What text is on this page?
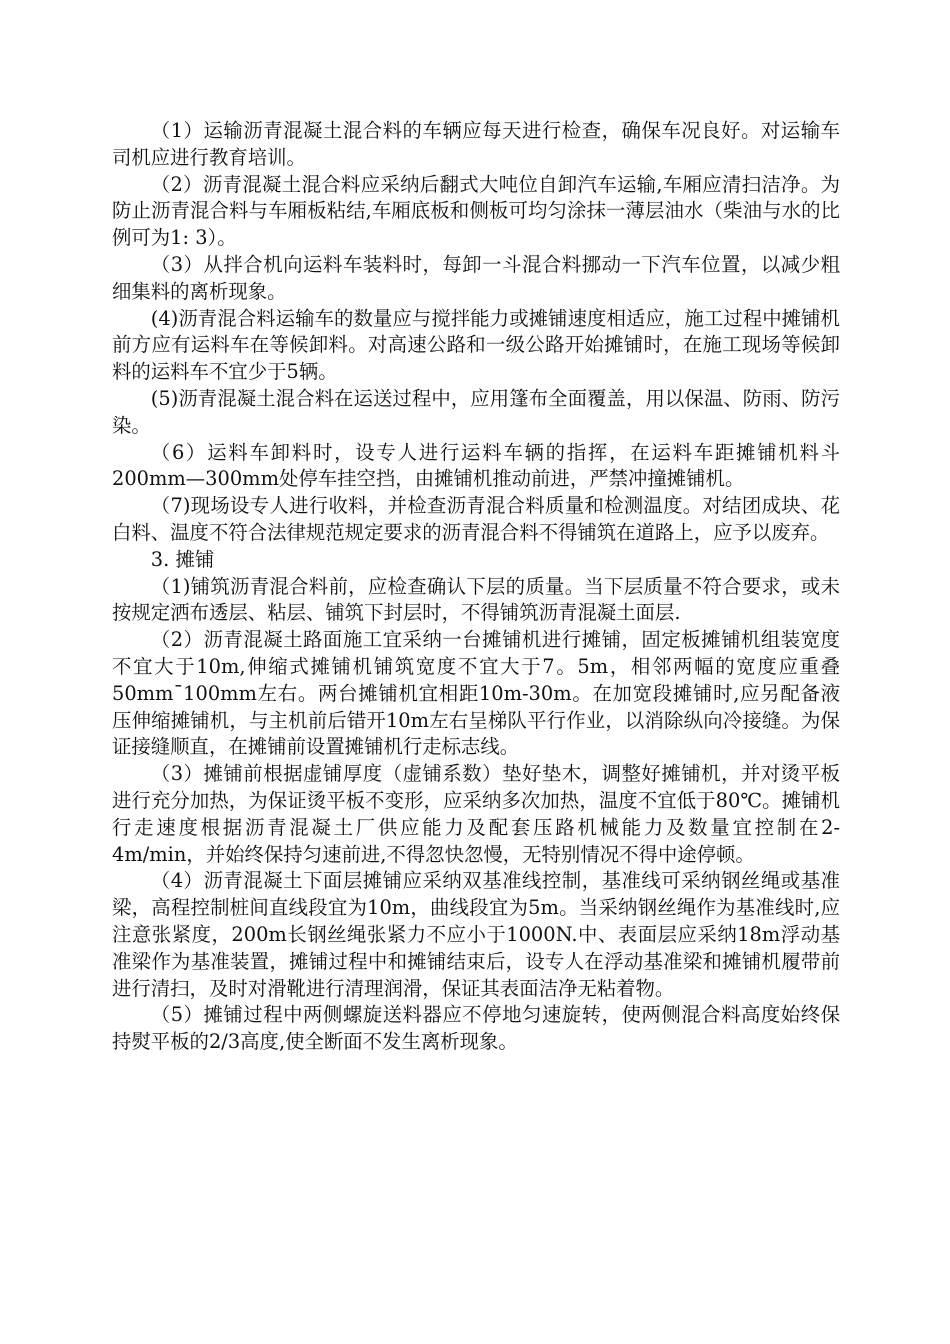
（1）运输沥青混凝土混合料的车辆应每天进行检查，确保车况良好。对运输车司机应进行教育培训。

（2）沥青混凝土混合料应采纳后翻式大吨位自卸汽车运输,车厢应清扫洁净。为防止沥青混合料与车厢板粘结,车厢底板和侧板可均匀涂抹一薄层油水（柴油与水的比例可为1: 3）。

（3）从拌合机向运料车装料时，每卸一斗混合料挪动一下汽车位置，以减少粗细集料的离析现象。

(4)沥青混合料运输车的数量应与搅拌能力或摊铺速度相适应，施工过程中摊铺机前方应有运料车在等候卸料。对高速公路和一级公路开始摊铺时，在施工现场等候卸料的运料车不宜少于5辆。

(5)沥青混凝土混合料在运送过程中，应用篷布全面覆盖，用以保温、防雨、防污染。

（6）运料车卸料时，设专人进行运料车辆的指挥，在运料车距摊铺机料斗200mm—300mm处停车挂空挡，由摊铺机推动前进，严禁冲撞摊铺机。

（7)现场设专人进行收料，并检查沥青混合料质量和检测温度。对结团成块、花白料、温度不符合法律规范规定要求的沥青混合料不得铺筑在道路上，应予以废弃。

3. 摊铺

（1)铺筑沥青混合料前，应检查确认下层的质量。当下层质量不符合要求，或未按规定洒布透层、粘层、铺筑下封层时，不得铺筑沥青混凝土面层.

（2）沥青混凝土路面施工宜采纳一台摊铺机进行摊铺，固定板摊铺机组装宽度不宜大于10m,伸缩式摊铺机铺筑宽度不宜大于7。5m，相邻两幅的宽度应重叠50mm¯100mm左右。两台摊铺机宜相距10m-30m。在加宽段摊铺时,应另配备液压伸缩摊铺机，与主机前后错开10m左右呈梯队平行作业，以消除纵向冷接缝。为保证接缝顺直，在摊铺前设置摊铺机行走标志线。

（3）摊铺前根据虚铺厚度（虚铺系数）垫好垫木，调整好摊铺机，并对烫平板进行充分加热，为保证烫平板不变形，应采纳多次加热，温度不宜低于80℃。摊铺机行走速度根据沥青混凝土厂供应能力及配套压路机械能力及数量宜控制在2-4m/min，并始终保持匀速前进,不得忽快忽慢，无特别情况不得中途停顿。

（4）沥青混凝土下面层摊铺应采纳双基准线控制，基准线可采纳钢丝绳或基准梁，高程控制桩间直线段宜为10m，曲线段宜为5m。当采纳钢丝绳作为基准线时,应注意张紧度，200m长钢丝绳张紧力不应小于1000N.中、表面层应采纳18m浮动基准梁作为基准装置，摊铺过程中和摊铺结束后，设专人在浮动基准梁和摊铺机履带前进行清扫，及时对滑靴进行清理润滑，保证其表面洁净无粘着物。

（5）摊铺过程中两侧螺旋送料器应不停地匀速旋转，使两侧混合料高度始终保持熨平板的2/3高度,使全断面不发生离析现象。
